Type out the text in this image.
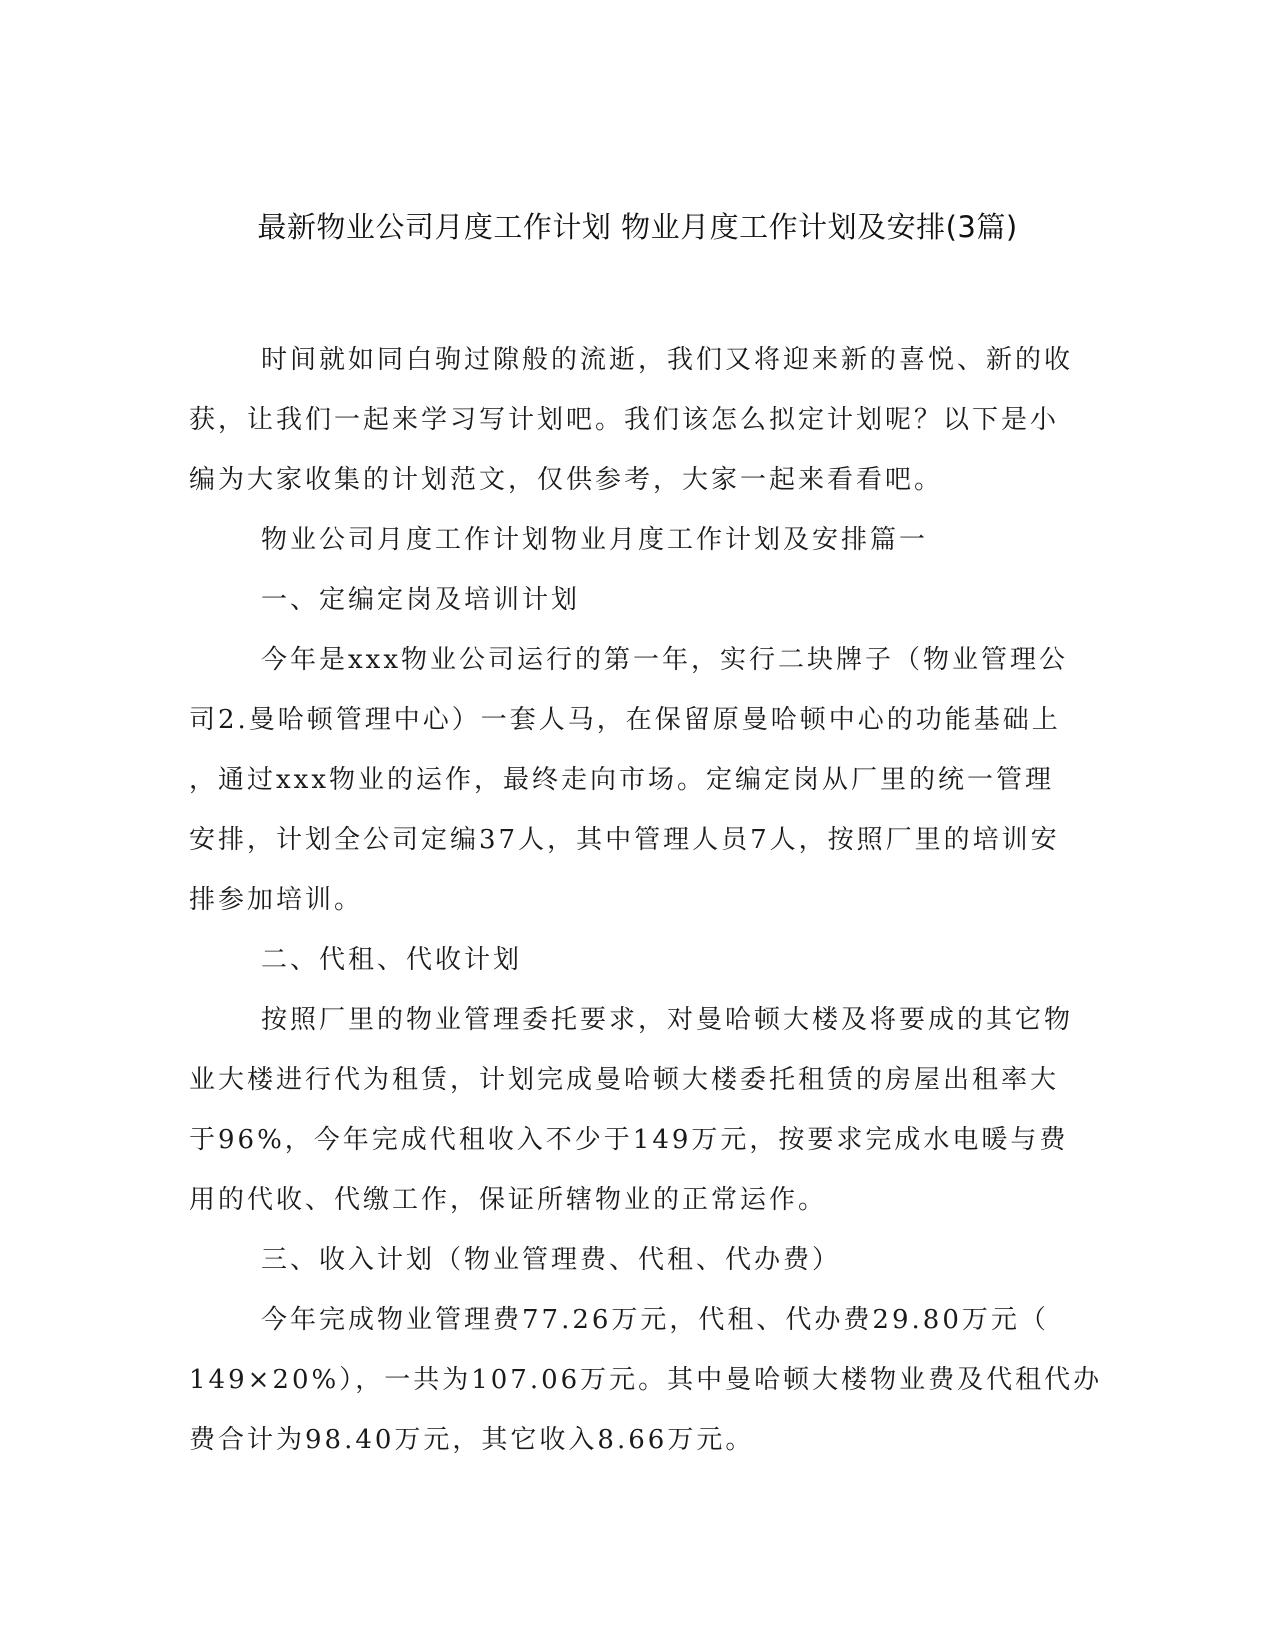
最新物业公司月度工作计划 物业月度工作计划及安排(3篇)
时间就如同白驹过隙般的流逝，我们又将迎来新的喜悦、新的收
获，让我们一起来学习写计划吧。我们该怎么拟定计划呢？以下是小
编为大家收集的计划范文，仅供参考，大家一起来看看吧。

物业公司月度工作计划物业月度工作计划及安排篇一

一、定编定岗及培训计划

今年是xxx物业公司运行的第一年，实行二块牌子（物业管理公
司2.曼哈顿管理中心）一套人马，在保留原曼哈顿中心的功能基础上
，通过xxx物业的运作，最终走向市场。定编定岗从厂里的统一管理
安排，计划全公司定编37人，其中管理人员7人，按照厂里的培训安
排参加培训。

二、代租、代收计划

按照厂里的物业管理委托要求，对曼哈顿大楼及将要成的其它物
业大楼进行代为租赁，计划完成曼哈顿大楼委托租赁的房屋出租率大
于96%，今年完成代租收入不少于149万元，按要求完成水电暖与费
用的代收、代缴工作，保证所辖物业的正常运作。

三、收入计划（物业管理费、代租、代办费）

今年完成物业管理费77.26万元，代租、代办费29.80万元（
149×20%），一共为107.06万元。其中曼哈顿大楼物业费及代租代办
费合计为98.40万元，其它收入8.66万元。
